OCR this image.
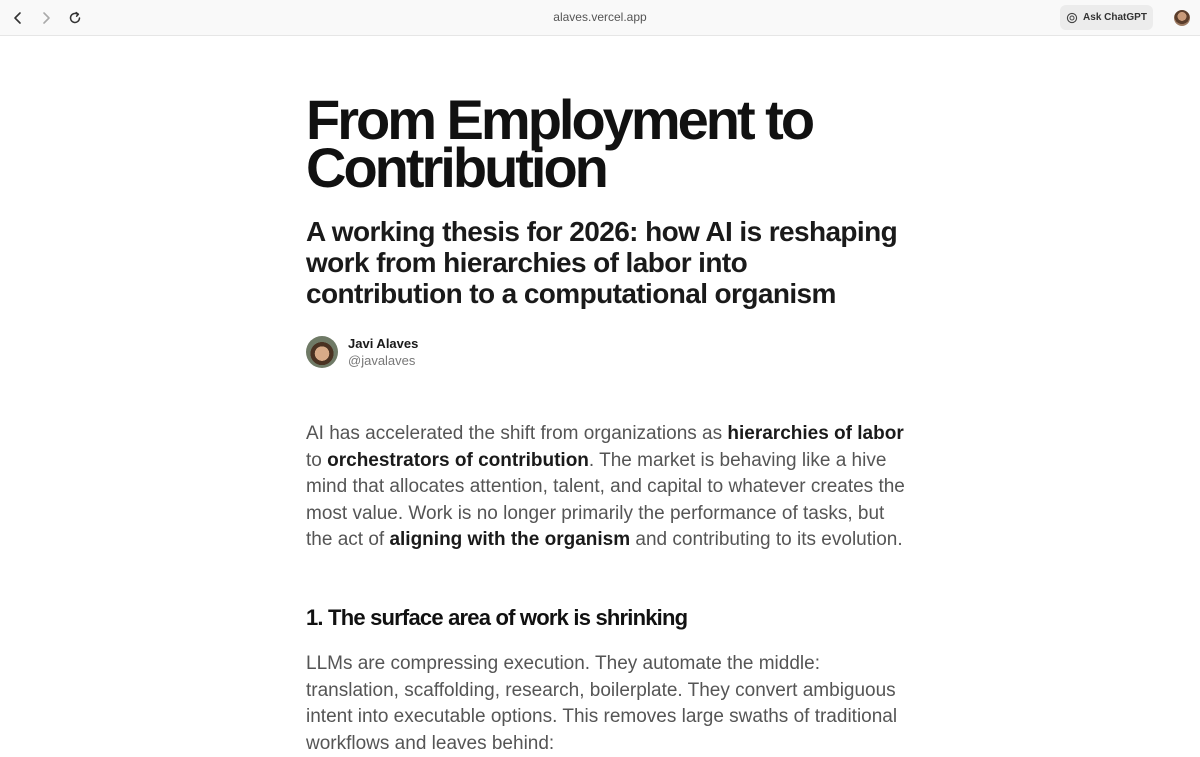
alaves.vercel.app	Ask ChatGPT
From Employment to Contribution
A working thesis for 2026: how AI is reshaping work from hierarchies of labor into contribution to a computational organism
Javi Alaves
@javalaves

AI has accelerated the shift from organizations as hierarchies of labor to orchestrators of contribution. The market is behaving like a hive mind that allocates attention, talent, and capital to whatever creates the most value. Work is no longer primarily the performance of tasks, but the act of aligning with the organism and contributing to its evolution.

1. The surface area of work is shrinking

LLMs are compressing execution. They automate the middle: translation, scaffolding, research, boilerplate. They convert ambiguous intent into executable options. This removes large swaths of traditional workflows and leaves behind:
